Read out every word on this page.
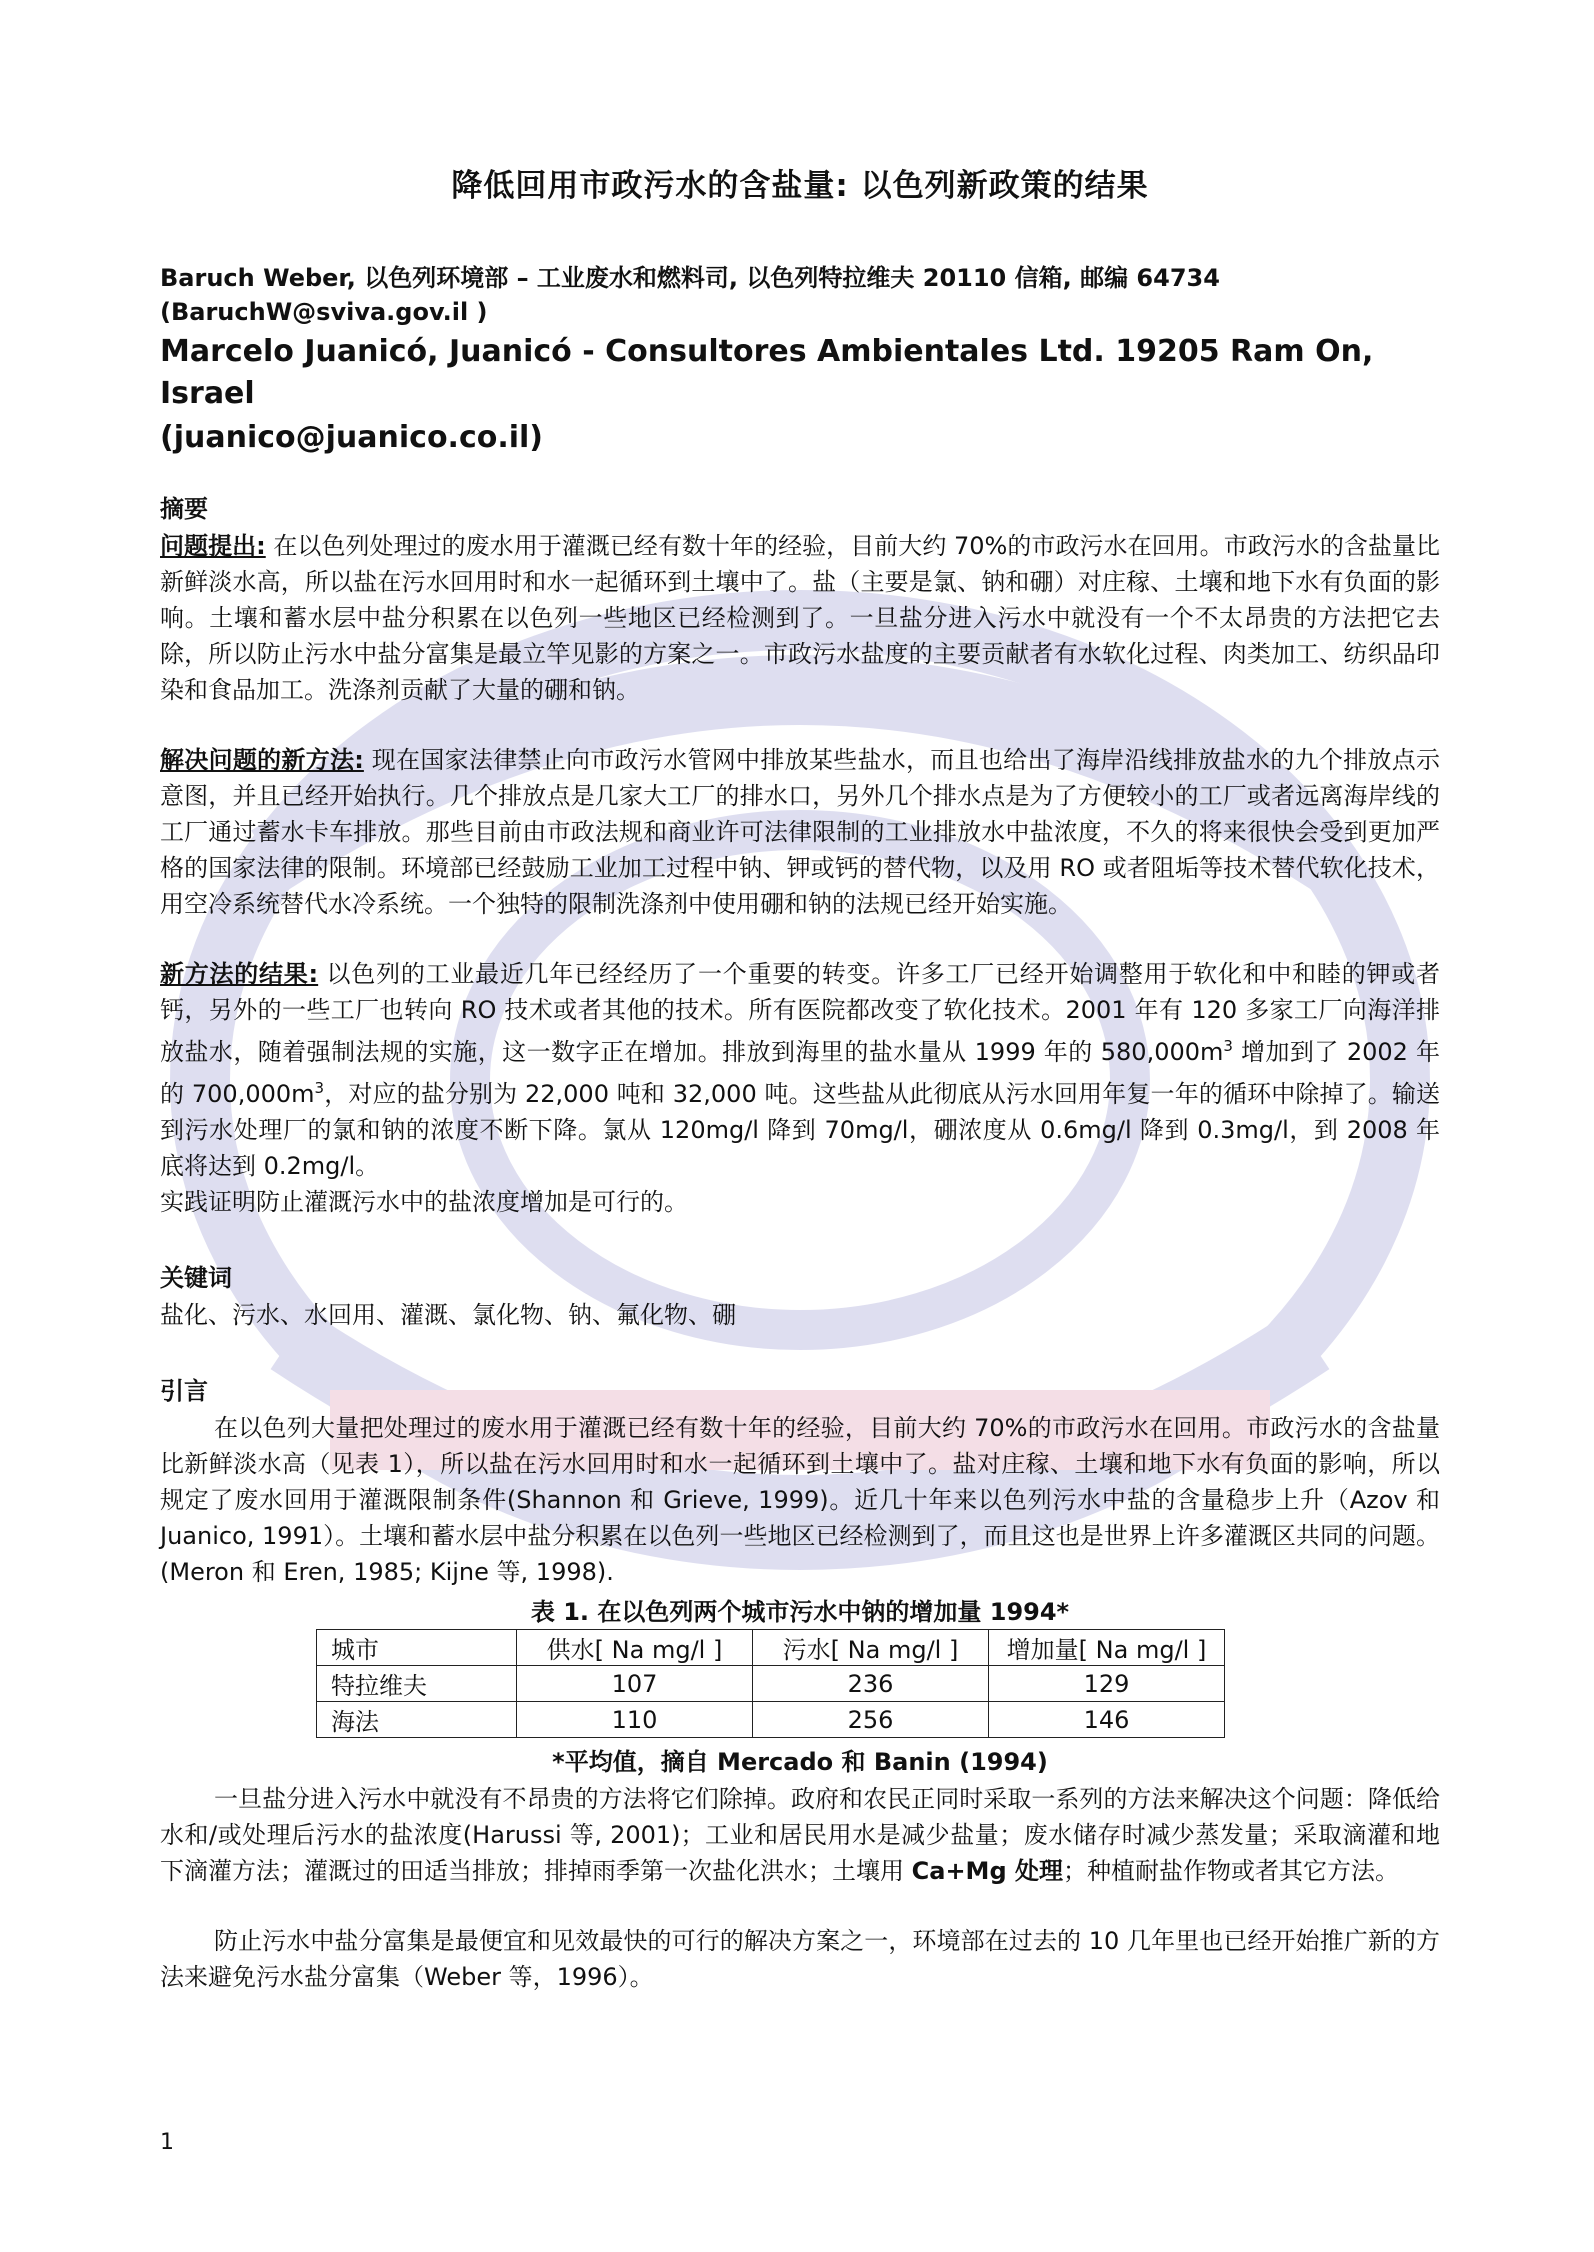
降低回用市政污水的含盐量: 以色列新政策的结果

Baruch Weber, 以色列环境部 – 工业废水和燃料司, 以色列特拉维夫 20110 信箱, 邮编 64734

(BaruchW@sviva.gov.il )

Marcelo Juanicó, Juanicó - Consultores Ambientales Ltd. 19205 Ram On, Israel

(juanico@juanico.co.il)

摘要

问题提出: 在以色列处理过的废水用于灌溉已经有数十年的经验，目前大约 70%的市政污水在回用。市政污水的含盐量比新鲜淡水高，所以盐在污水回用时和水一起循环到土壤中了。盐（主要是氯、钠和硼）对庄稼、土壤和地下水有负面的影响。土壤和蓄水层中盐分积累在以色列一些地区已经检测到了。一旦盐分进入污水中就没有一个不太昂贵的方法把它去除，所以防止污水中盐分富集是最立竿见影的方案之一。市政污水盐度的主要贡献者有水软化过程、肉类加工、纺织品印染和食品加工。洗涤剂贡献了大量的硼和钠。

解决问题的新方法: 现在国家法律禁止向市政污水管网中排放某些盐水，而且也给出了海岸沿线排放盐水的九个排放点示意图，并且已经开始执行。几个排放点是几家大工厂的排水口，另外几个排水点是为了方便较小的工厂或者远离海岸线的工厂通过蓄水卡车排放。那些目前由市政法规和商业许可法律限制的工业排放水中盐浓度，不久的将来很快会受到更加严格的国家法律的限制。环境部已经鼓励工业加工过程中钠、钾或钙的替代物，以及用 RO 或者阻垢等技术替代软化技术，用空冷系统替代水冷系统。一个独特的限制洗涤剂中使用硼和钠的法规已经开始实施。

新方法的结果: 以色列的工业最近几年已经经历了一个重要的转变。许多工厂已经开始调整用于软化和中和睦的钾或者钙，另外的一些工厂也转向 RO 技术或者其他的技术。所有医院都改变了软化技术。2001 年有 120 多家工厂向海洋排放盐水，随着强制法规的实施，这一数字正在增加。排放到海里的盐水量从 1999 年的 $580,000m^3$ 增加到了 2002 年的 $700,000m^3$，对应的盐分别为 22,000 吨和 32,000 吨。这些盐从此彻底从污水回用年复一年的循环中除掉了。输送到污水处理厂的氯和钠的浓度不断下降。氯从 120mg/l 降到 70mg/l，硼浓度从 0.6mg/l 降到 0.3mg/l，到 2008 年底将达到 0.2mg/l。
实践证明防止灌溉污水中的盐浓度增加是可行的。

关键词

盐化、污水、水回用、灌溉、氯化物、钠、氟化物、硼

引言

在以色列大量把处理过的废水用于灌溉已经有数十年的经验，目前大约 70%的市政污水在回用。市政污水的含盐量比新鲜淡水高（见表 1），所以盐在污水回用时和水一起循环到土壤中了。盐对庄稼、土壤和地下水有负面的影响，所以规定了废水回用于灌溉限制条件(Shannon 和 Grieve, 1999)。近几十年来以色列污水中盐的含量稳步上升（Azov 和 Juanico, 1991）。土壤和蓄水层中盐分积累在以色列一些地区已经检测到了，而且这也是世界上许多灌溉区共同的问题。(Meron 和 Eren, 1985; Kijne 等, 1998).

表 1. 在以色列两个城市污水中钠的增加量 1994*
城市	供水[ Na mg/l ]	污水[ Na mg/l ]	增加量[ Na mg/l ]
特拉维夫	107	236	129
海法	110	256	146
*平均值，摘自 Mercado 和 Banin (1994)

一旦盐分进入污水中就没有不昂贵的方法将它们除掉。政府和农民正同时采取一系列的方法来解决这个问题：降低给水和/或处理后污水的盐浓度(Harussi 等, 2001)；工业和居民用水是减少盐量；废水储存时减少蒸发量；采取滴灌和地下滴灌方法；灌溉过的田适当排放；排掉雨季第一次盐化洪水；土壤用 Ca+Mg 处理；种植耐盐作物或者其它方法。

防止污水中盐分富集是最便宜和见效最快的可行的解决方案之一，环境部在过去的 10 几年里也已经开始推广新的方法来避免污水盐分富集（Weber 等，1996）。

1
